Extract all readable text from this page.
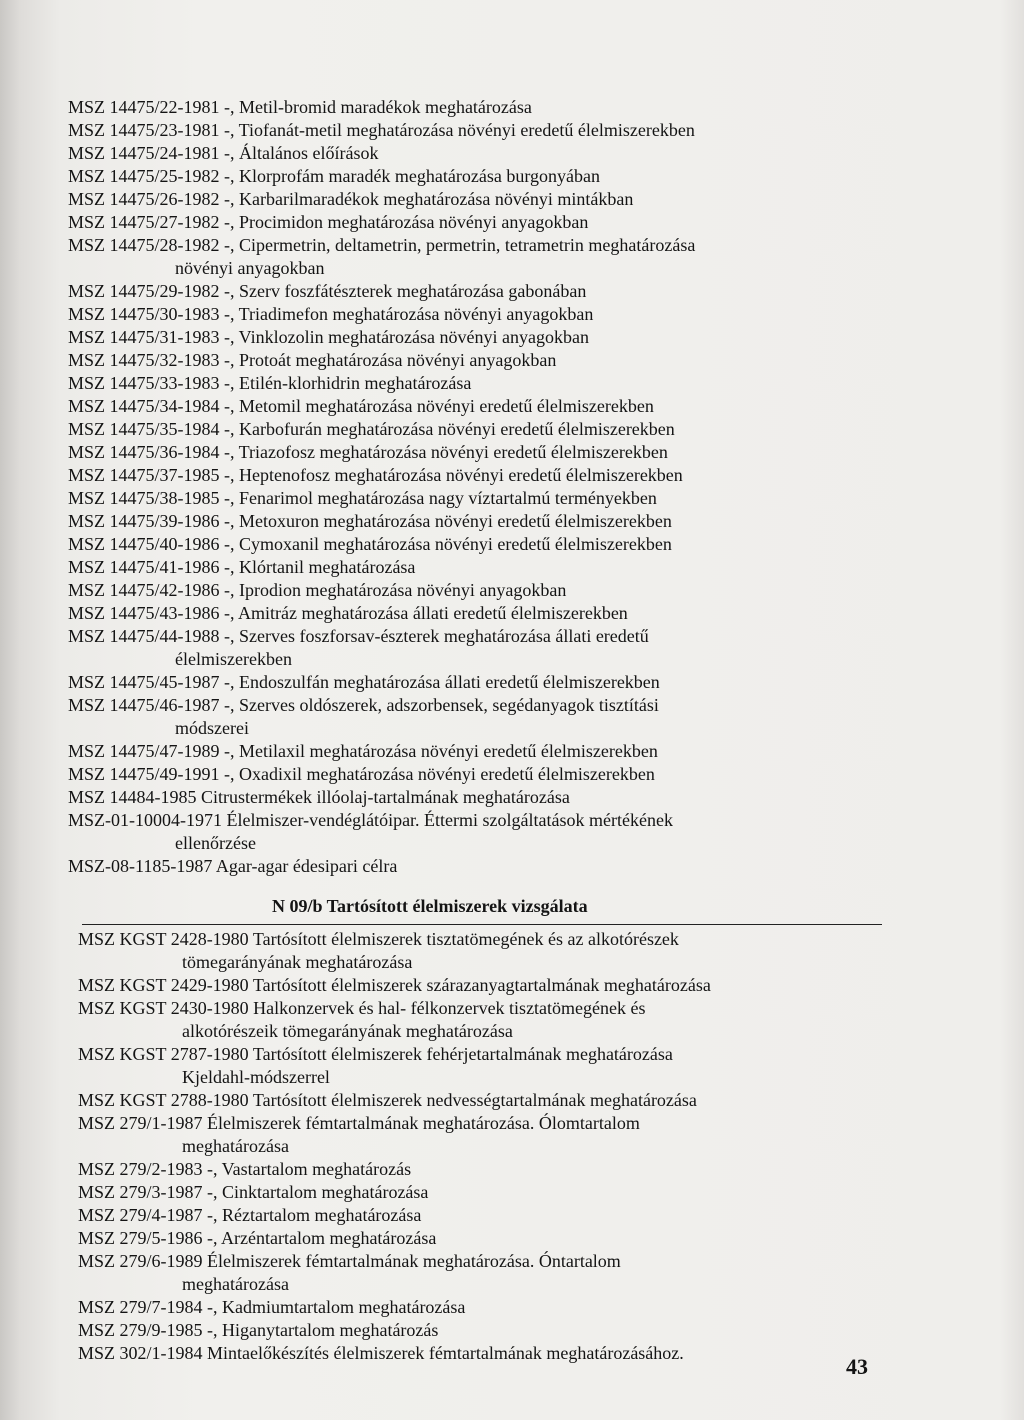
MSZ 14475/22-1981 -, Metil-bromid maradékok meghatározása

MSZ 14475/23-1981 -, Tiofanát-metil meghatározása növényi eredetű élelmiszerekben

MSZ 14475/24-1981 -, Általános előírások

MSZ 14475/25-1982 -, Klorprofám maradék meghatározása burgonyában

MSZ 14475/26-1982 -, Karbarilmaradékok meghatározása növényi mintákban

MSZ 14475/27-1982 -, Procimidon meghatározása növényi anyagokban

MSZ 14475/28-1982 -, Cipermetrin, deltametrin, permetrin, tetrametrin meghatározása
növényi anyagokban

MSZ 14475/29-1982 -, Szerv foszfátészterek meghatározása gabonában

MSZ 14475/30-1983 -, Triadimefon meghatározása növényi anyagokban

MSZ 14475/31-1983 -, Vinklozolin meghatározása növényi anyagokban

MSZ 14475/32-1983 -, Protoát meghatározása növényi anyagokban

MSZ 14475/33-1983 -, Etilén-klorhidrin meghatározása

MSZ 14475/34-1984 -, Metomil meghatározása növényi eredetű élelmiszerekben

MSZ 14475/35-1984 -, Karbofurán meghatározása növényi eredetű élelmiszerekben

MSZ 14475/36-1984 -, Triazofosz meghatározása növényi eredetű élelmiszerekben

MSZ 14475/37-1985 -, Heptenofosz meghatározása növényi eredetű élelmiszerekben

MSZ 14475/38-1985 -, Fenarimol meghatározása nagy víztartalmú terményekben

MSZ 14475/39-1986 -, Metoxuron meghatározása növényi eredetű élelmiszerekben

MSZ 14475/40-1986 -, Cymoxanil meghatározása növényi eredetű élelmiszerekben

MSZ 14475/41-1986 -, Klórtanil meghatározása

MSZ 14475/42-1986 -, Iprodion meghatározása növényi anyagokban

MSZ 14475/43-1986 -, Amitráz meghatározása állati eredetű élelmiszerekben

MSZ 14475/44-1988 -, Szerves foszforsav-észterek meghatározása állati eredetű
élelmiszerekben

MSZ 14475/45-1987 -, Endoszulfán meghatározása állati eredetű élelmiszerekben

MSZ 14475/46-1987 -, Szerves oldószerek, adszorbensek, segédanyagok tisztítási
módszerei

MSZ 14475/47-1989 -, Metilaxil meghatározása növényi eredetű élelmiszerekben

MSZ 14475/49-1991 -, Oxadixil meghatározása növényi eredetű élelmiszerekben

MSZ 14484-1985 Citrustermékek illóolaj-tartalmának meghatározása

MSZ-01-10004-1971 Élelmiszer-vendéglátóipar. Éttermi szolgáltatások mértékének
ellenőrzése

MSZ-08-1185-1987 Agar-agar édesipari célra

N 09/b Tartósított élelmiszerek vizsgálata

MSZ KGST 2428-1980 Tartósított élelmiszerek tisztatömegének és az alkotórészek
tömegarányának meghatározása

MSZ KGST 2429-1980 Tartósított élelmiszerek szárazanyagtartalmának meghatározása

MSZ KGST 2430-1980 Halkonzervek és hal- félkonzervek tisztatömegének és
alkotórészeik tömegarányának meghatározása

MSZ KGST 2787-1980 Tartósított élelmiszerek fehérjetartalmának meghatározása
Kjeldahl-módszerrel

MSZ KGST 2788-1980 Tartósított élelmiszerek nedvességtartalmának meghatározása

MSZ 279/1-1987 Élelmiszerek fémtartalmának meghatározása. Ólomtartalom
meghatározása

MSZ 279/2-1983 -, Vastartalom meghatározás

MSZ 279/3-1987 -, Cinktartalom meghatározása

MSZ 279/4-1987 -, Réztartalom meghatározása

MSZ 279/5-1986 -, Arzéntartalom meghatározása

MSZ 279/6-1989 Élelmiszerek fémtartalmának meghatározása. Óntartalom
meghatározása

MSZ 279/7-1984 -, Kadmiumtartalom meghatározása

MSZ 279/9-1985 -, Higanytartalom meghatározás

MSZ 302/1-1984 Mintaelőkészítés élelmiszerek fémtartalmának meghatározásához.

43
